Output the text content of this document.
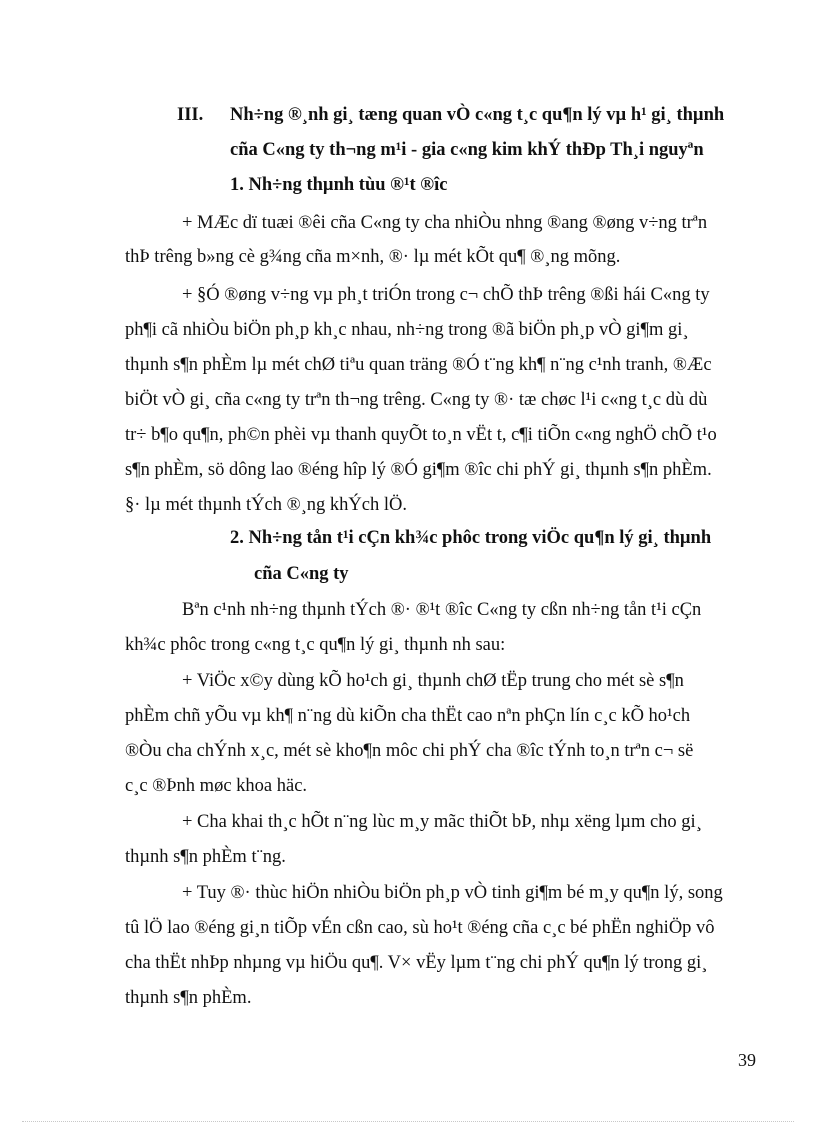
III. Nh÷ng ®¸nh gi¸ tæng quan vÒ c«ng t¸c qu¶n lý vµ h¹ gi¸ thµnh
cña C«ng ty th¬ng m¹i - gia c«ng kim khÝ thÐp Th¸i nguyªn
1. Nh÷ng thµnh tùu ®¹t ®îc
+ MÆc dï tuæi ®êi cña C«ng ty cha nhiÒu nhng ®ang ®øng v÷ng trªn
thÞ trêng b»ng cè g¾ng cña m×nh, ®· lµ mét kÕt qu¶ ®¸ng mõng.
+ §Ó ®øng v÷ng vµ ph¸t triÓn trong c¬ chÕ thÞ trêng ®ßi hái C«ng ty
ph¶i cã nhiÒu biÖn ph¸p kh¸c nhau, nh÷ng trong ®ã biÖn ph¸p vÒ gi¶m gi¸
thµnh s¶n phÈm lµ mét chØ tiªu quan träng ®Ó t¨ng kh¶ n¨ng c¹nh tranh, ®Æc
biÖt vÒ gi¸ cña c«ng ty trªn th¬ng trêng. C«ng ty ®· tæ chøc l¹i c«ng t¸c dù dù
tr÷ b¶o qu¶n, ph©n phèi vµ thanh quyÕt to¸n vËt t, c¶i tiÕn c«ng nghÖ chÕ t¹o
s¶n phÈm, sö dông lao ®éng hîp lý ®Ó gi¶m ®îc chi phÝ gi¸ thµnh s¶n phÈm.
§· lµ mét thµnh tÝch ®¸ng khÝch lÖ.
2. Nh÷ng tån t¹i cÇn kh¾c phôc trong viÖc qu¶n lý gi¸ thµnh
cña C«ng ty
Bªn c¹nh nh÷ng thµnh tÝch ®· ®¹t ®îc C«ng ty cßn nh÷ng tån t¹i cÇn
kh¾c phôc trong c«ng t¸c qu¶n lý gi¸ thµnh nh sau:
+ ViÖc x©y dùng kÕ ho¹ch gi¸ thµnh chØ tËp trung cho mét sè s¶n
phÈm chñ yÕu vµ kh¶ n¨ng dù kiÕn cha thËt cao nªn phÇn lín c¸c kÕ ho¹ch
®Òu cha chÝnh x¸c, mét sè kho¶n môc chi phÝ cha ®îc tÝnh to¸n trªn c¬ së
c¸c ®Þnh møc khoa häc.
+ Cha khai th¸c hÕt n¨ng lùc m¸y mãc thiÕt bÞ, nhµ xëng lµm cho gi¸
thµnh s¶n phÈm t¨ng.
+ Tuy ®· thùc hiÖn nhiÒu biÖn ph¸p vÒ tinh gi¶m bé m¸y qu¶n lý, song
tû lÖ lao ®éng gi¸n tiÕp vÉn cßn cao, sù ho¹t ®éng cña c¸c bé phËn nghiÖp vô
cha thËt nhÞp nhµng vµ hiÖu qu¶. V× vËy lµm t¨ng chi phÝ qu¶n lý trong gi¸
thµnh s¶n phÈm.
39
